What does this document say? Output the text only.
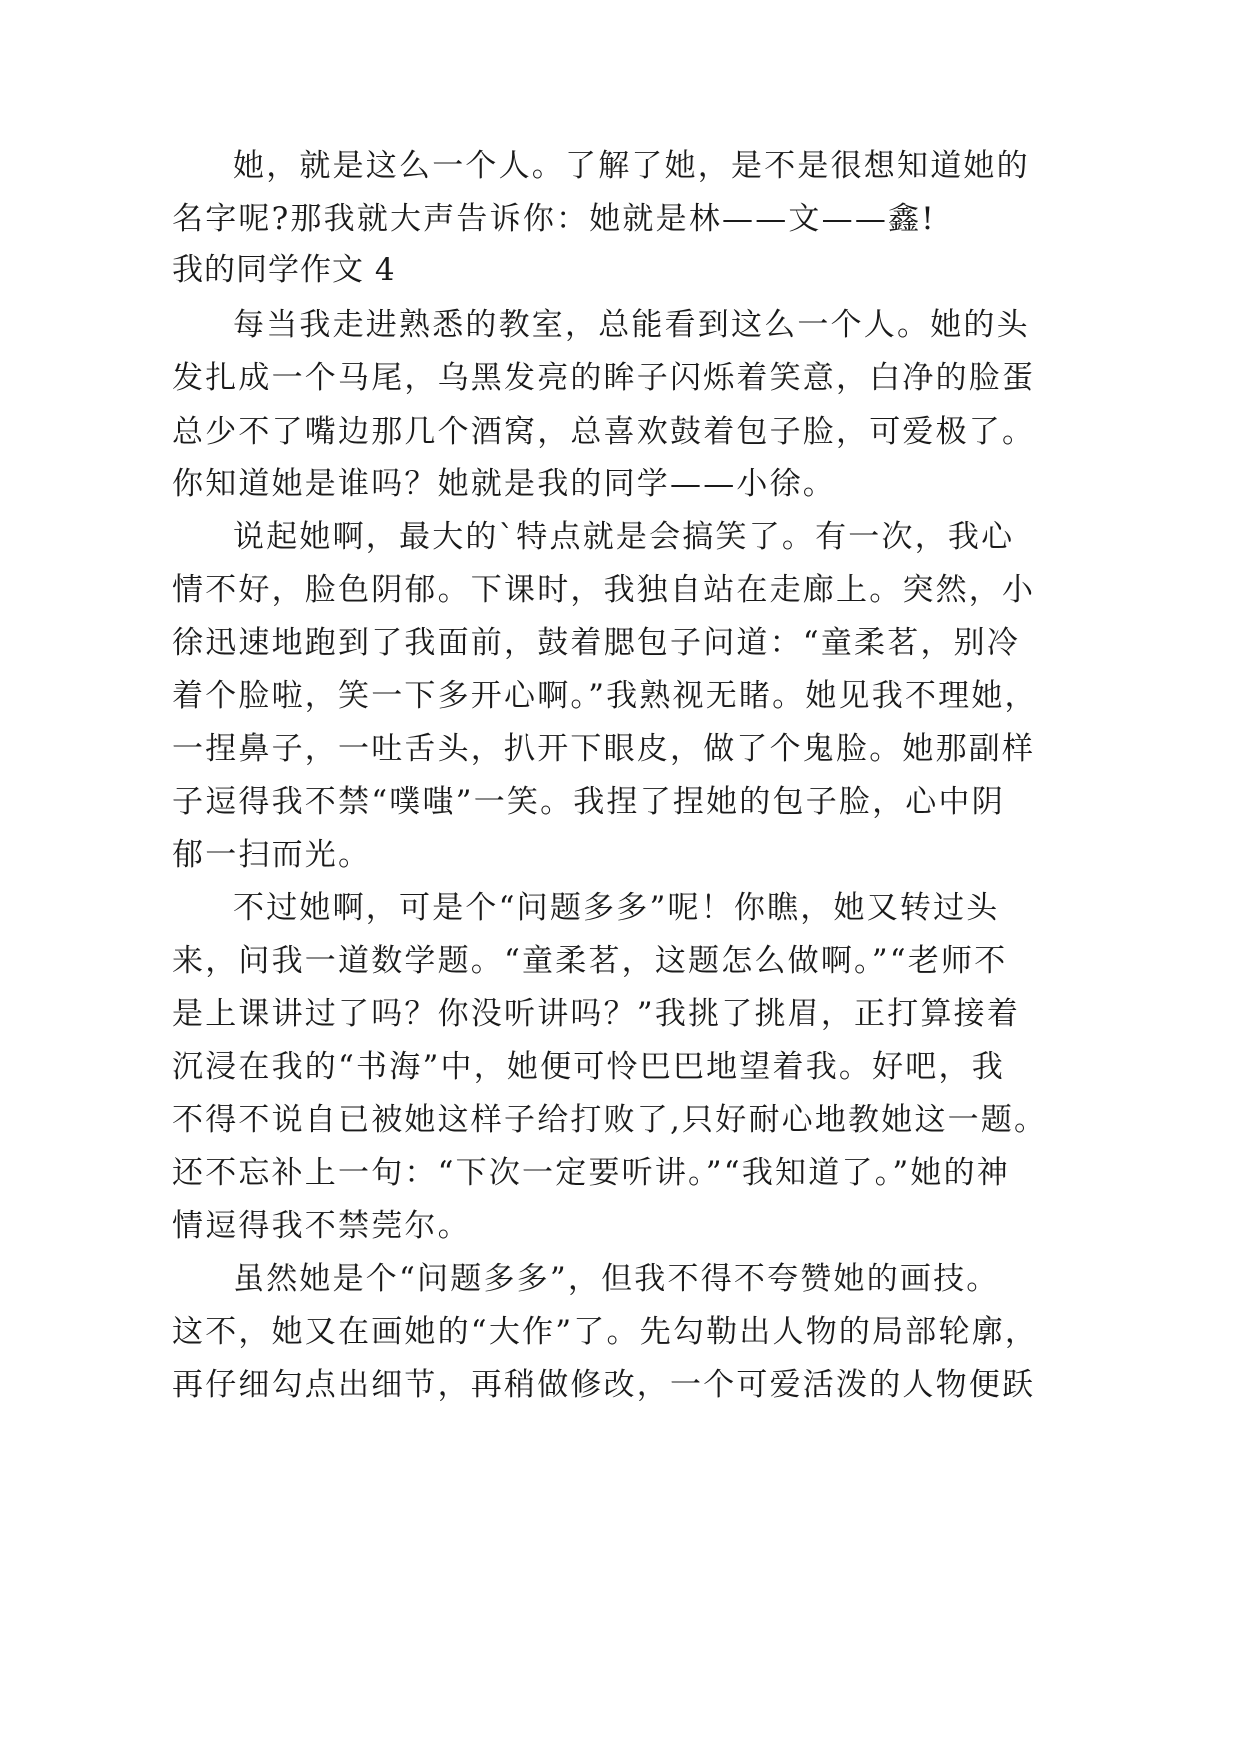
她，就是这么一个人。了解了她，是不是很想知道她的
名字呢?那我就大声告诉你：她就是林——文——鑫!
我的同学作文 4
每当我走进熟悉的教室，总能看到这么一个人。她的头
发扎成一个马尾，乌黑发亮的眸子闪烁着笑意，白净的脸蛋
总少不了嘴边那几个酒窝，总喜欢鼓着包子脸，可爱极了。
你知道她是谁吗？她就是我的同学——小徐。
说起她啊，最大的`特点就是会搞笑了。有一次，我心
情不好，脸色阴郁。下课时，我独自站在走廊上。突然，小
徐迅速地跑到了我面前，鼓着腮包子问道：“童柔茗，别冷
着个脸啦，笑一下多开心啊。”我熟视无睹。她见我不理她，
一捏鼻子，一吐舌头，扒开下眼皮，做了个鬼脸。她那副样
子逗得我不禁“噗嗤”一笑。我捏了捏她的包子脸，心中阴
郁一扫而光。
不过她啊，可是个“问题多多”呢！你瞧，她又转过头
来，问我一道数学题。“童柔茗，这题怎么做啊。”“老师不
是上课讲过了吗？你没听讲吗？”我挑了挑眉，正打算接着
沉浸在我的“书海”中，她便可怜巴巴地望着我。好吧，我
不得不说自已被她这样子给打败了,只好耐心地教她这一题。
还不忘补上一句：“下次一定要听讲。”“我知道了。”她的神
情逗得我不禁莞尔。
虽然她是个“问题多多”，但我不得不夸赞她的画技。
这不，她又在画她的“大作”了。先勾勒出人物的局部轮廓，
再仔细勾点出细节，再稍做修改，一个可爱活泼的人物便跃
